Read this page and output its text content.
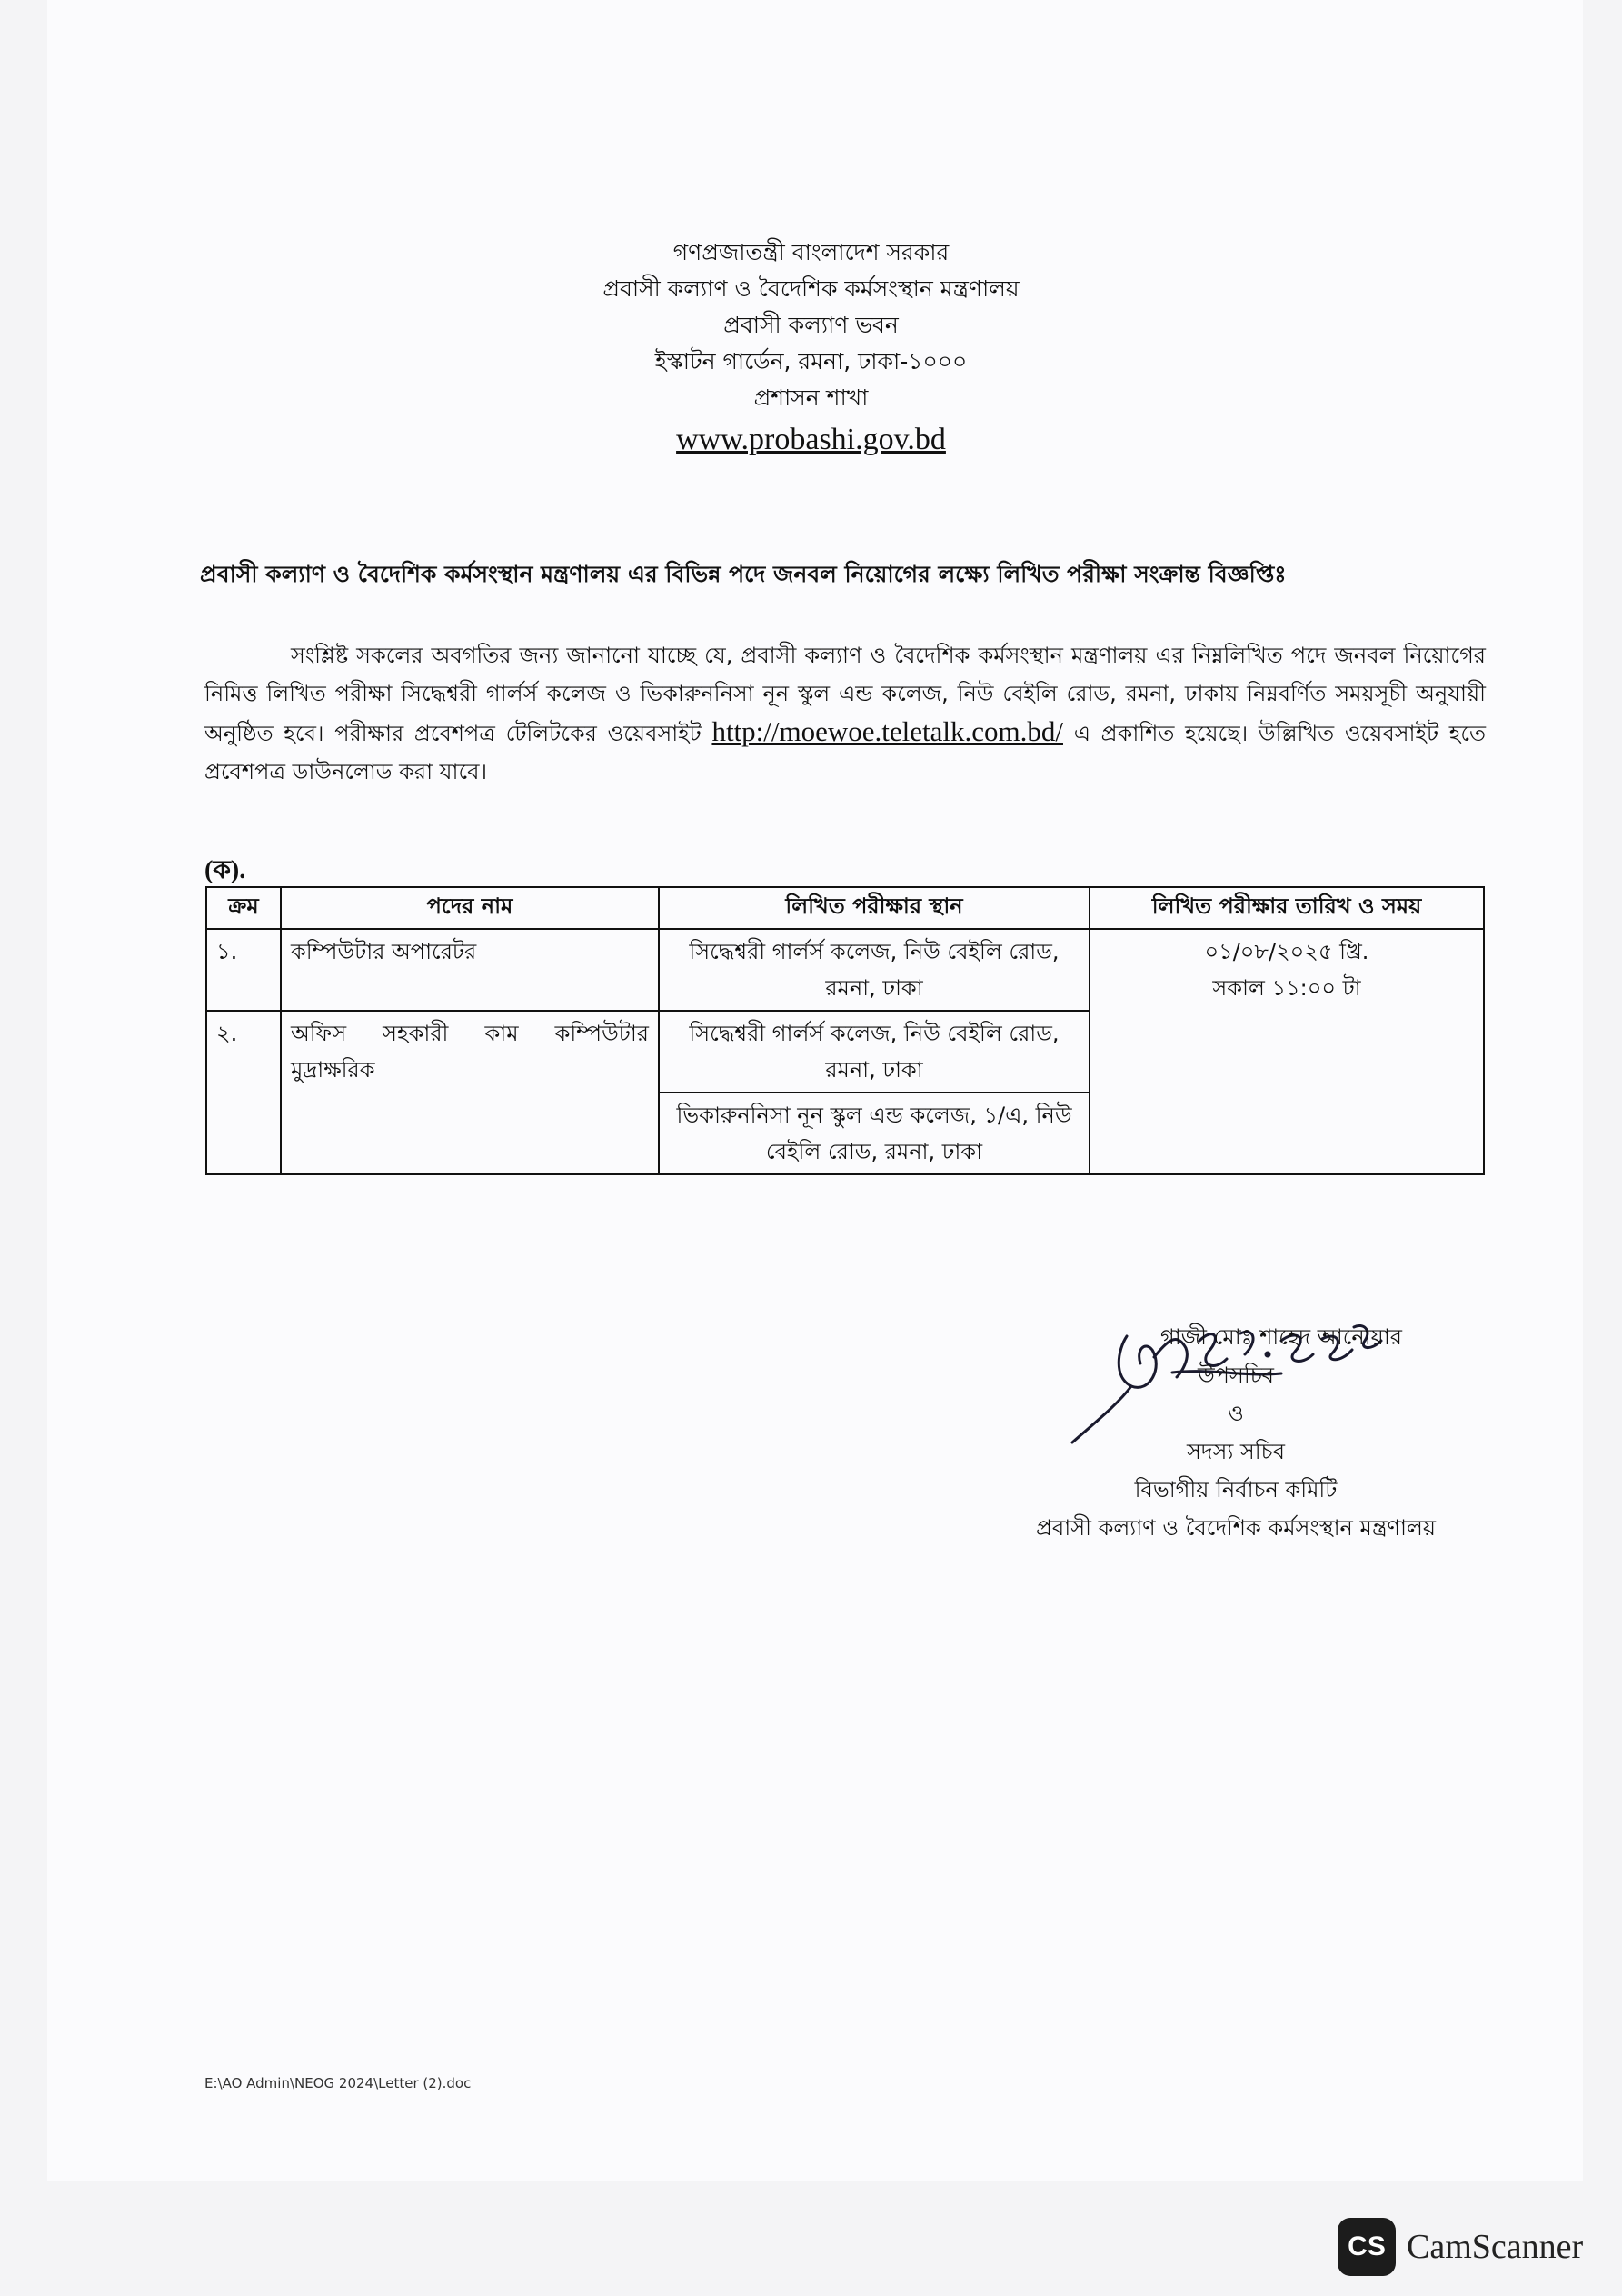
গণপ্রজাতন্ত্রী বাংলাদেশ সরকার

প্রবাসী কল্যাণ ও বৈদেশিক কর্মসংস্থান মন্ত্রণালয়

প্রবাসী কল্যাণ ভবন

ইস্কাটন গার্ডেন, রমনা, ঢাকা-১০০০

প্রশাসন শাখা

www.probashi.gov.bd
প্রবাসী কল্যাণ ও বৈদেশিক কর্মসংস্থান মন্ত্রণালয় এর বিভিন্ন পদে জনবল নিয়োগের লক্ষ্যে লিখিত পরীক্ষা সংক্রান্ত বিজ্ঞপ্তিঃ
সংশ্লিষ্ট সকলের অবগতির জন্য জানানো যাচ্ছে যে, প্রবাসী কল্যাণ ও বৈদেশিক কর্মসংস্থান মন্ত্রণালয় এর নিম্নলিখিত পদে জনবল নিয়োগের নিমিত্ত লিখিত পরীক্ষা সিদ্ধেশ্বরী গার্লর্স কলেজ ও ভিকারুননিসা নূন স্কুল এন্ড কলেজ, নিউ বেইলি রোড, রমনা, ঢাকায় নিম্নবর্ণিত সময়সূচী অনুযায়ী অনুষ্ঠিত হবে। পরীক্ষার প্রবেশপত্র টেলিটকের ওয়েবসাইট http://moewoe.teletalk.com.bd/ এ প্রকাশিত হয়েছে। উল্লিখিত ওয়েবসাইট হতে প্রবেশপত্র ডাউনলোড করা যাবে।
(ক).
ক্রম	পদের নাম	লিখিত পরীক্ষার স্থান	লিখিত পরীক্ষার তারিখ ও সময়
১.	কম্পিউটার অপারেটর	সিদ্ধেশ্বরী গার্লর্স কলেজ, নিউ বেইলি রোড, রমনা, ঢাকা	০১/০৮/২০২৫ খ্রি.
সকাল ১১:০০ টা

২.	অফিস সহকারী কাম কম্পিউটার মুদ্রাক্ষরিক	সিদ্ধেশ্বরী গার্লর্স কলেজ, নিউ বেইলি রোড, রমনা, ঢাকা	
		ভিকারুননিসা নূন স্কুল এন্ড কলেজ, ১/এ, নিউ বেইলি রোড, রমনা, ঢাকা	
গাজী মোঃ শাহেদ আনোয়ার
উপসচিব
ও
সদস্য সচিব
বিভাগীয় নির্বাচন কমিটি
প্রবাসী কল্যাণ ও বৈদেশিক কর্মসংস্থান মন্ত্রণালয়
E:\AO Admin\NEOG 2024\Letter (2).doc
CS CamScanner
